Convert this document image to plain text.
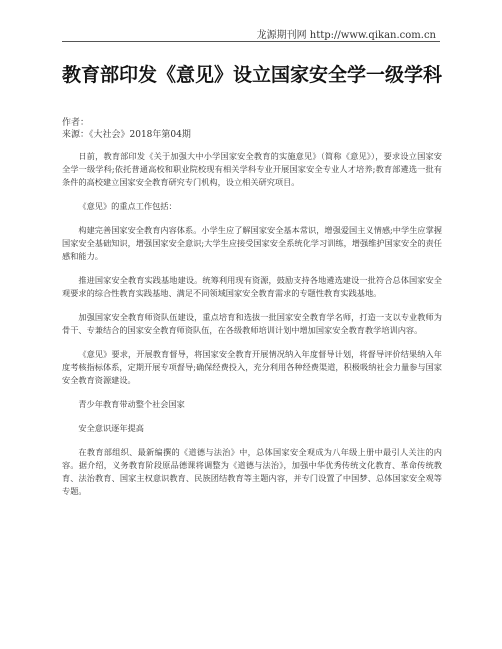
龙源期刊网 http://www.qikan.com.cn
教育部印发《意见》设立国家安全学一级学科
作者：
来源：《大社会》2018年第04期

日前，教育部印发《关于加强大中小学国家安全教育的实施意见》（简称《意见》），要求设立国家安全学一级学科;依托普通高校和职业院校现有相关学科专业开展国家安全专业人才培养;教育部遴选一批有条件的高校建立国家安全教育研究专门机构，设立相关研究项目。

《意见》的重点工作包括：

构建完善国家安全教育内容体系。小学生应了解国家安全基本常识，增强爱国主义情感;中学生应掌握国家安全基础知识，增强国家安全意识;大学生应接受国家安全系统化学习训练，增强维护国家安全的责任感和能力。

推进国家安全教育实践基地建设。统筹利用现有资源，鼓励支持各地遴选建设一批符合总体国家安全观要求的综合性教育实践基地、满足不同领域国家安全教育需求的专题性教育实践基地。

加强国家安全教育师资队伍建设，重点培育和选拔一批国家安全教育学名师，打造一支以专业教师为骨干、专兼结合的国家安全教育师资队伍，在各级教师培训计划中增加国家安全教育教学培训内容。

《意见》要求，开展教育督导，将国家安全教育开展情况纳入年度督导计划，将督导评价结果纳入年度考核指标体系，定期开展专项督导;确保经费投入，充分利用各种经费渠道，积极吸纳社会力量参与国家安全教育资源建设。

青少年教育带动整个社会国家

安全意识逐年提高

在教育部组织、最新编撰的《道德与法治》中，总体国家安全观成为八年级上册中最引人关注的内容。据介绍，义务教育阶段原品德课将调整为《道德与法治》，加强中华优秀传统文化教育、革命传统教育、法治教育、国家主权意识教育、民族团结教育等主题内容，并专门设置了中国梦、总体国家安全观等专题。
